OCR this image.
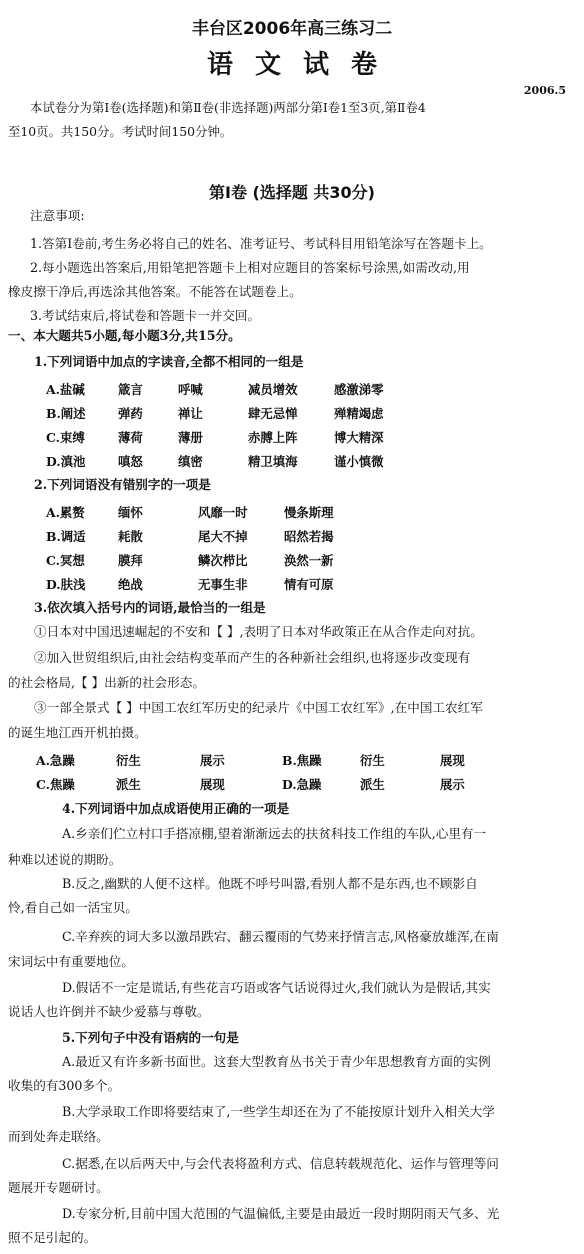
丰台区2006年高三练习二
语文试卷
2006.5
本试卷分为第Ⅰ卷(选择题)和第Ⅱ卷(非选择题)两部分第Ⅰ卷1至3页,第Ⅱ卷4
至10页。共150分。考试时间150分钟。
第Ⅰ卷 (选择题 共30分)
注意事项:
1.答第Ⅰ卷前,考生务必将自己的姓名、准考证号、考试科目用铅笔涂写在答题卡上。
2.每小题选出答案后,用铅笔把答题卡上相对应题目的答案标号涂黑,如需改动,用
橡皮擦干净后,再选涂其他答案。不能答在试题卷上。
3.考试结束后,将试卷和答题卡一并交回。
一、本大题共5小题,每小题3分,共15分。
1.下列词语中加点的字读音,全都不相同的一组是
A.盐碱	箴言	呼喊	减员增效	感激涕零
B.阐述	弹药	禅让	肆无忌惮	殚精竭虑
C.束缚	薄荷	薄册	赤膊上阵	博大精深
D.滇池	嗔怒	缜密	精卫填海	谨小慎微
2.下列词语没有错别字的一项是
A.累赘	缅怀	风靡一时	慢条斯理
B.调适	耗散	尾大不掉	昭然若揭
C.冥想	膜拜	鳞次栉比	涣然一新
D.肤浅	绝战	无事生非	情有可原
3.依次填入括号内的词语,最恰当的一组是
①日本对中国迅速崛起的不安和【 】,表明了日本对华政策正在从合作走向对抗。
②加入世贸组织后,由社会结构变革而产生的各种新社会组织,也将逐步改变现有
的社会格局,【 】出新的社会形态。
③一部全景式【 】中国工农红军历史的纪录片《中国工农红军》,在中国工农红军
的诞生地江西开机拍摄。
A.急躁	衍生	展示	B.焦躁	衍生	展现
C.焦躁	派生	展现	D.急躁	派生	展示
4.下列词语中加点成语使用正确的一项是
A.乡亲们伫立村口手搭凉棚,望着渐渐远去的扶贫科技工作组的车队,心里有一
种难以述说的期盼。
B.反之,幽默的人便不这样。他既不呼号叫嚣,看别人都不是东西,也不顾影自
怜,看自己如一活宝贝。
C.辛弃疾的词大多以激昂跌宕、翻云覆雨的气势来抒情言志,风格豪放雄浑,在南
宋词坛中有重要地位。
D.假话不一定是谎话,有些花言巧语或客气话说得过火,我们就认为是假话,其实
说话人也许倒并不缺少爱慕与尊敬。
5.下列句子中没有语病的一句是
A.最近又有许多新书面世。这套大型教育丛书关于青少年思想教育方面的实例
收集的有300多个。
B.大学录取工作即将要结束了,一些学生却还在为了不能按原计划升入相关大学
而到处奔走联络。
C.据悉,在以后两天中,与会代表将盈利方式、信息转载规范化、运作与管理等问
题展开专题研讨。
D.专家分析,目前中国大范围的气温偏低,主要是由最近一段时期阴雨天气多、光
照不足引起的。
